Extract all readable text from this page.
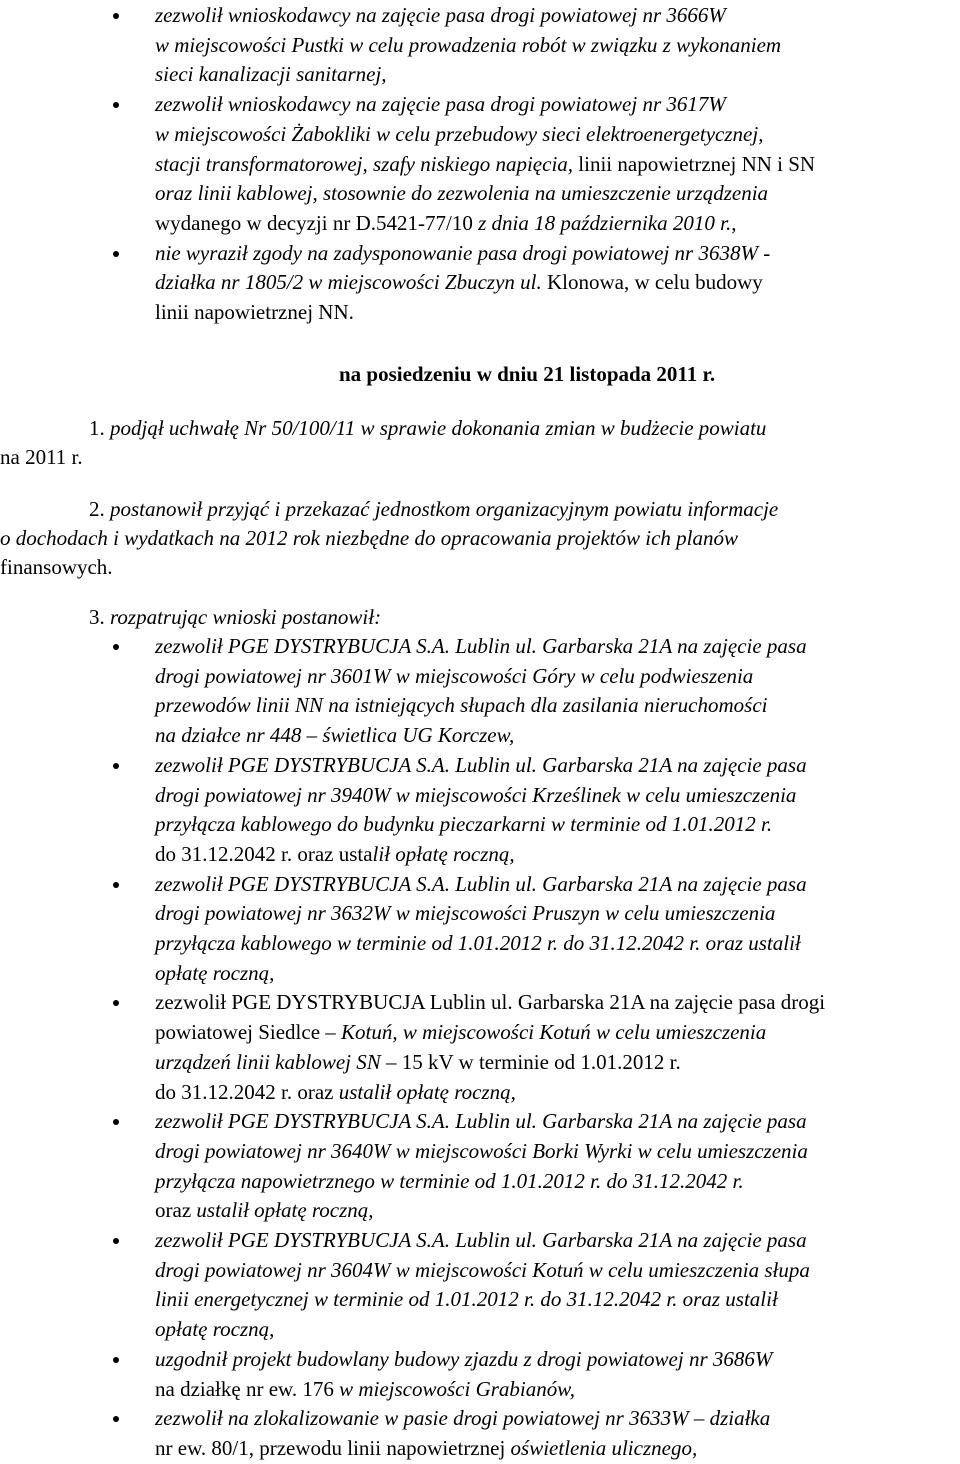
zezwolił wnioskodawcy na zajęcie pasa drogi powiatowej nr 3666W
w miejscowości Pustki w celu prowadzenia robót w związku z wykonaniem
sieci kanalizacji sanitarnej,
zezwolił wnioskodawcy na zajęcie pasa drogi powiatowej nr 3617W
w miejscowości Żabokliki w celu przebudowy sieci elektroenergetycznej,
stacji transformatorowej, szafy niskiego napięcia, linii napowietrznej NN i SN
oraz linii kablowej, stosownie do zezwolenia na umieszczenie urządzenia
wydanego w decyzji nr D.5421-77/10 z dnia 18 października 2010 r.,
nie wyraził zgody na zadysponowanie pasa drogi powiatowej nr 3638W -
działka nr 1805/2 w miejscowości Zbuczyn ul. Klonowa, w celu budowy
linii napowietrznej NN.
na posiedzeniu w dniu 21 listopada 2011 r.
1. podjął uchwałę Nr 50/100/11 w sprawie dokonania zmian w budżecie powiatu
na 2011 r.
2. postanowił przyjąć i przekazać jednostkom organizacyjnym powiatu informacje
o dochodach i wydatkach na 2012 rok niezbędne do opracowania projektów ich planów
finansowych.
3. rozpatrując wnioski postanowił:
zezwolił PGE DYSTRYBUCJA S.A. Lublin ul. Garbarska 21A na zajęcie pasa
drogi powiatowej nr 3601W w miejscowości Góry w celu podwieszenia
przewodów linii NN na istniejących słupach dla zasilania nieruchomości
na działce nr 448 – świetlica UG Korczew,
zezwolił PGE DYSTRYBUCJA S.A. Lublin ul. Garbarska 21A na zajęcie pasa
drogi powiatowej nr 3940W w miejscowości Krześlinek w celu umieszczenia
przyłącza kablowego do budynku pieczarkarni w terminie od 1.01.2012 r.
do 31.12.2042 r. oraz ustalił opłatę roczną,
zezwolił PGE DYSTRYBUCJA S.A. Lublin ul. Garbarska 21A na zajęcie pasa
drogi powiatowej nr 3632W w miejscowości Pruszyn w celu umieszczenia
przyłącza kablowego w terminie od 1.01.2012 r. do 31.12.2042 r. oraz ustalił
opłatę roczną,
zezwolił PGE DYSTRYBUCJA Lublin ul. Garbarska 21A na zajęcie pasa drogi
powiatowej Siedlce – Kotuń, w miejscowości Kotuń w celu umieszczenia
urządzeń linii kablowej SN – 15 kV w terminie od 1.01.2012 r.
do 31.12.2042 r. oraz ustalił opłatę roczną,
zezwolił PGE DYSTRYBUCJA S.A. Lublin ul. Garbarska 21A na zajęcie pasa
drogi powiatowej nr 3640W w miejscowości Borki Wyrki w celu umieszczenia
przyłącza napowietrznego w terminie od 1.01.2012 r. do 31.12.2042 r.
oraz ustalił opłatę roczną,
zezwolił PGE DYSTRYBUCJA S.A. Lublin ul. Garbarska 21A na zajęcie pasa
drogi powiatowej nr 3604W w miejscowości Kotuń w celu umieszczenia słupa
linii energetycznej w terminie od 1.01.2012 r. do 31.12.2042 r. oraz ustalił
opłatę roczną,
uzgodnił projekt budowlany budowy zjazdu z drogi powiatowej nr 3686W
na działkę nr ew. 176 w miejscowości Grabianów,
zezwolił na zlokalizowanie w pasie drogi powiatowej nr 3633W – działka
nr ew. 80/1, przewodu linii napowietrznej oświetlenia ulicznego,
